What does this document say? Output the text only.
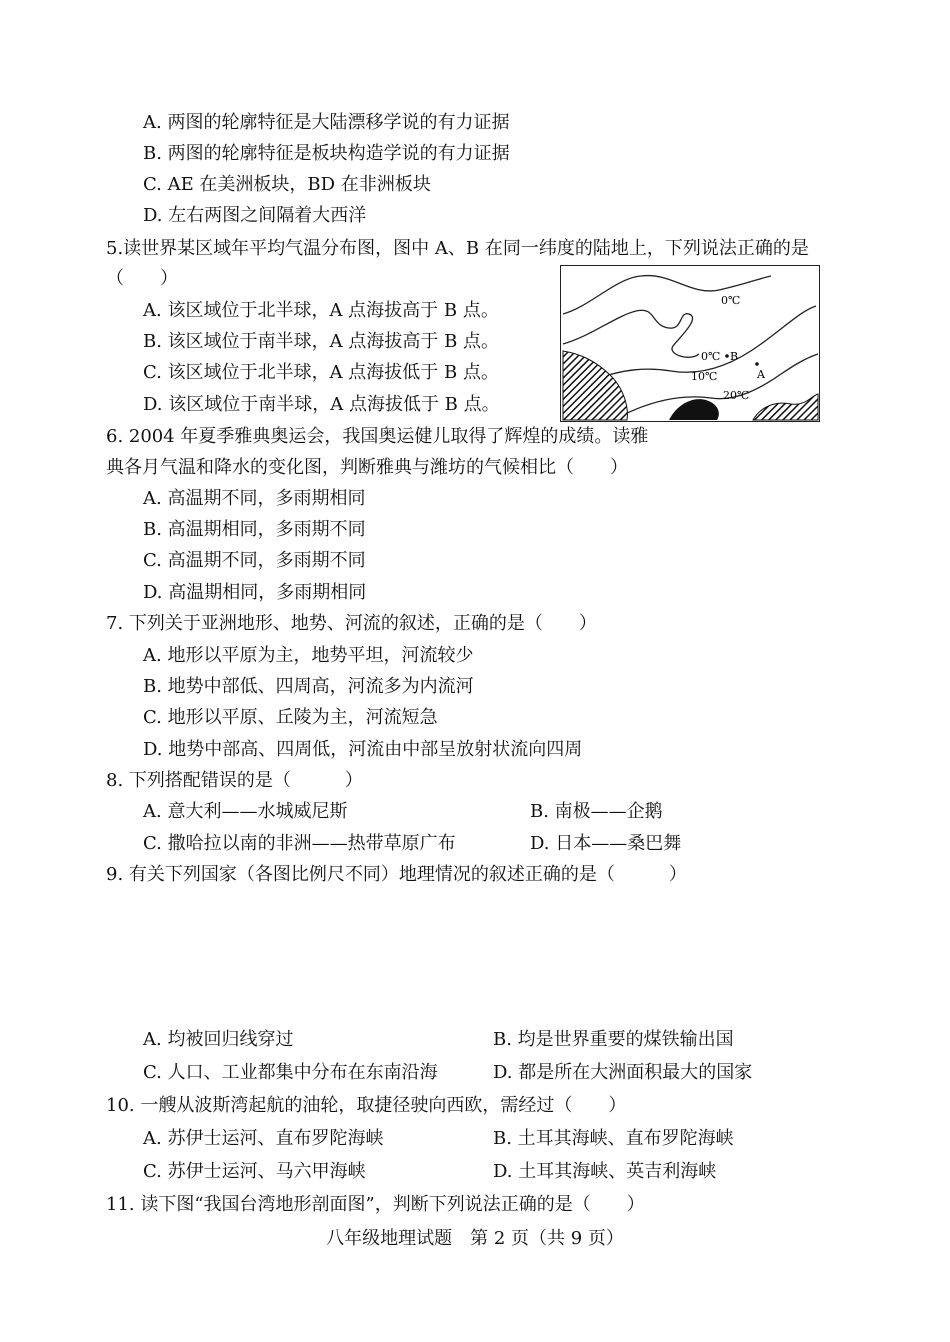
A. 两图的轮廓特征是大陆漂移学说的有力证据
B. 两图的轮廓特征是板块构造学说的有力证据
C. AE 在美洲板块，BD 在非洲板块
D. 左右两图之间隔着大西洋
5.读世界某区域年平均气温分布图，图中 A、B 在同一纬度的陆地上，下列说法正确的是
（　　）
A. 该区域位于北半球，A 点海拔高于 B 点。
B. 该区域位于南半球，A 点海拔高于 B 点。
C. 该区域位于北半球，A 点海拔低于 B 点。
D. 该区域位于南半球，A 点海拔低于 B 点。
0℃
0℃ B
A
10℃
20℃
6. 2004 年夏季雅典奥运会，我国奥运健儿取得了辉煌的成绩。读雅
典各月气温和降水的变化图，判断雅典与潍坊的气候相比（　　）
A. 高温期不同，多雨期相同
B. 高温期相同，多雨期不同
C. 高温期不同，多雨期不同
D. 高温期相同，多雨期相同
7. 下列关于亚洲地形、地势、河流的叙述，正确的是（　　）
A. 地形以平原为主，地势平坦，河流较少
B. 地势中部低、四周高，河流多为内流河
C. 地形以平原、丘陵为主，河流短急
D. 地势中部高、四周低，河流由中部呈放射状流向四周
8. 下列搭配错误的是（　　　）
A. 意大利——水城威尼斯	B. 南极——企鹅
C. 撒哈拉以南的非洲——热带草原广布	D. 日本——桑巴舞
9. 有关下列国家（各图比例尺不同）地理情况的叙述正确的是（　　　）
A. 均被回归线穿过	B. 均是世界重要的煤铁输出国
C. 人口、工业都集中分布在东南沿海	D. 都是所在大洲面积最大的国家
10. 一艘从波斯湾起航的油轮，取捷径驶向西欧，需经过（　　）
A. 苏伊士运河、直布罗陀海峡	B. 土耳其海峡、直布罗陀海峡
C. 苏伊士运河、马六甲海峡	D. 土耳其海峡、英吉利海峡
11. 读下图“我国台湾地形剖面图”，判断下列说法正确的是（　　）
八年级地理试题　第 2 页（共 9 页）
